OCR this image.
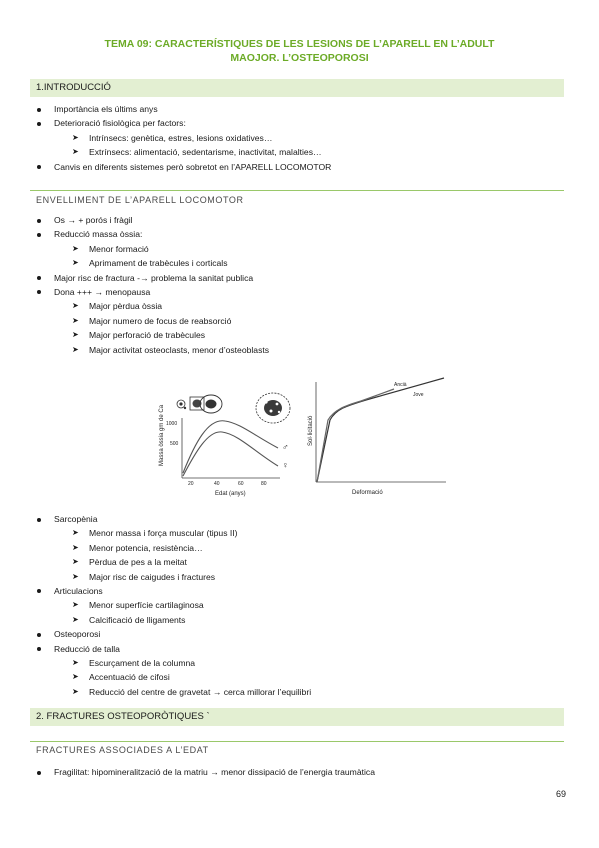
TEMA 09: CARACTERÍSTIQUES DE LES LESIONS DE L’APARELL EN L’ADULT
MAOJOR. L’OSTEOPOROSI
1.INTRODUCCIÓ
Importància els últims anys
Deterioració fisiològica per factors:
➤ Intrínsecs: genètica, estres, lesions oxidatives…
➤ Extrínsecs: alimentació, sedentarisme, inactivitat, malalties…
Canvis en diferents sistemes però sobretot en l’APARELL LOCOMOTOR
ENVELLIMENT DE L’APARELL LOCOMOTOR
Os → + porós i fràgil
Reducció massa òssia:
➤ Menor formació
➤ Aprimament de trabècules i corticals
Major risc de fractura -→ problema la sanitat publica
Dona +++ → menopausa
➤ Major pèrdua òssia
➤ Major numero de focus de reabsorció
➤ Major perforació de trabècules
➤ Major activitat osteoclasts, menor d’osteoblasts
Massa òssia gm de Ca 1000
500
20	40	60	80
♂
♀
Edat (anys)
Sol·licitació
Ancià
Jove
Deformació
Sarcopènia
➤ Menor massa i força muscular (tipus II)
➤ Menor potencia, resistència…
➤ Pèrdua de pes a la meitat
➤ Major risc de caigudes i fractures
Articulacions
➤ Menor superfície cartilaginosa
➤ Calcificació de lligaments
Osteoporosi
Reducció de talla
➤ Escurçament de la columna
➤ Accentuació de cifosi
➤ Reducció del centre de gravetat → cerca millorar l’equilibri
2. FRACTURES OSTEOPORÒTIQUES `
FRACTURES ASSOCIADES A L’EDAT
Fragilitat: hipomineralització de la matriu → menor dissipació de l’energia traumàtica
69
